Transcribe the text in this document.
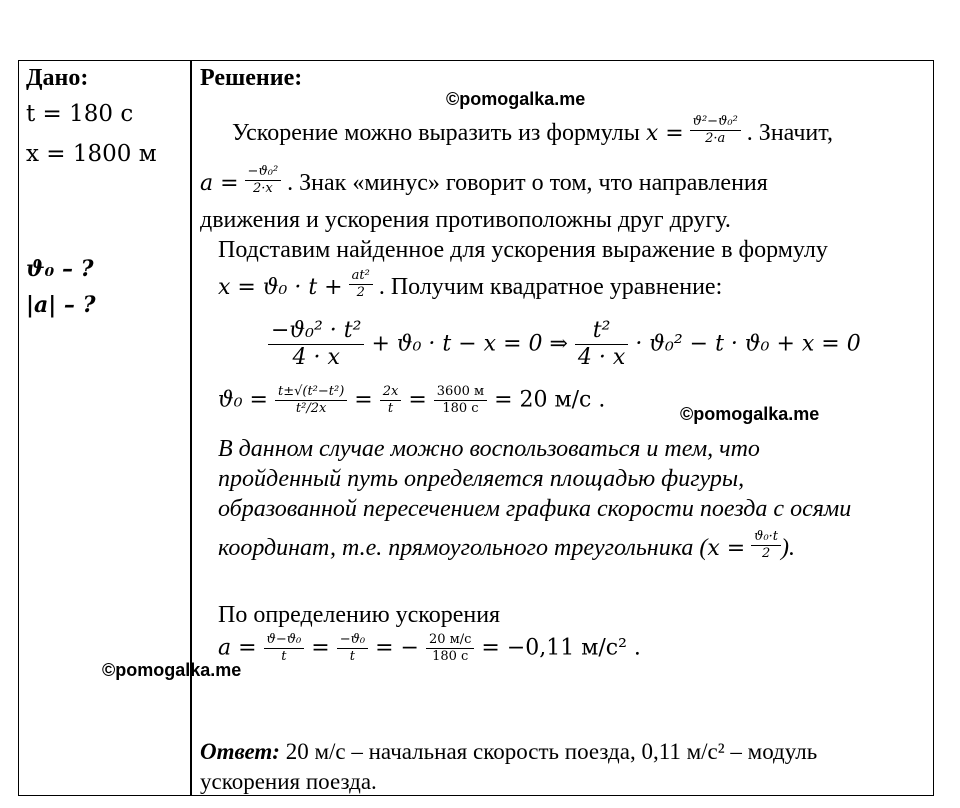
Дано:
t = 180 с
x = 1800 м
ϑ₀ – ?
|a| – ?
Решение:
©pomogalka.me
Ускорение можно выразить из формулы $x = \frac{\text{ϑ²−ϑ₀²}}{2\cdot a}$ . Значит,
$a = \frac{\text{−ϑ₀²}}{2\cdot x}$ . Знак «минус» говорит о том, что направления
движения и ускорения противоположны друг другу.
Подставим найденное для ускорения выражение в формулу
$x = ϑ_0 \cdot t + \frac{\text{at²}}{2}$ . Получим квадратное уравнение:
$\frac{\text{−ϑ₀² · t²}}{4 \cdot x} + ϑ_0 \cdot t - x = 0$ ⇒ $\frac{\text{t²}}{4 \cdot x} \cdot ϑ_0^2 - t \cdot ϑ_0 + x = 0$
$ϑ_0 = \frac{\text{t±√(t²−t²)}}{\text{t²/2x}} = \frac{2x}{t} = \frac{3600 м}{180 с} = 20$ м/с .
©pomogalka.me
В данном случае можно воспользоваться и тем, что
пройденный путь определяется площадью фигуры,
образованной пересечением графика скорости поезда с осями
координат, т.е. прямоугольного треугольника ($x = \frac{\text{ϑ₀·t}}{2}$ ).
По определению ускорения
$a = \frac{\text{ϑ−ϑ₀}}{t} = \frac{\text{−ϑ₀}}{t}$ = − $\frac{20 м/с}{180 с} = -0,11$ м/с² .
©pomogalka.me
Ответ: 20 м/с – начальная скорость поезда, 0,11 м/с² – модуль
ускорения поезда.
